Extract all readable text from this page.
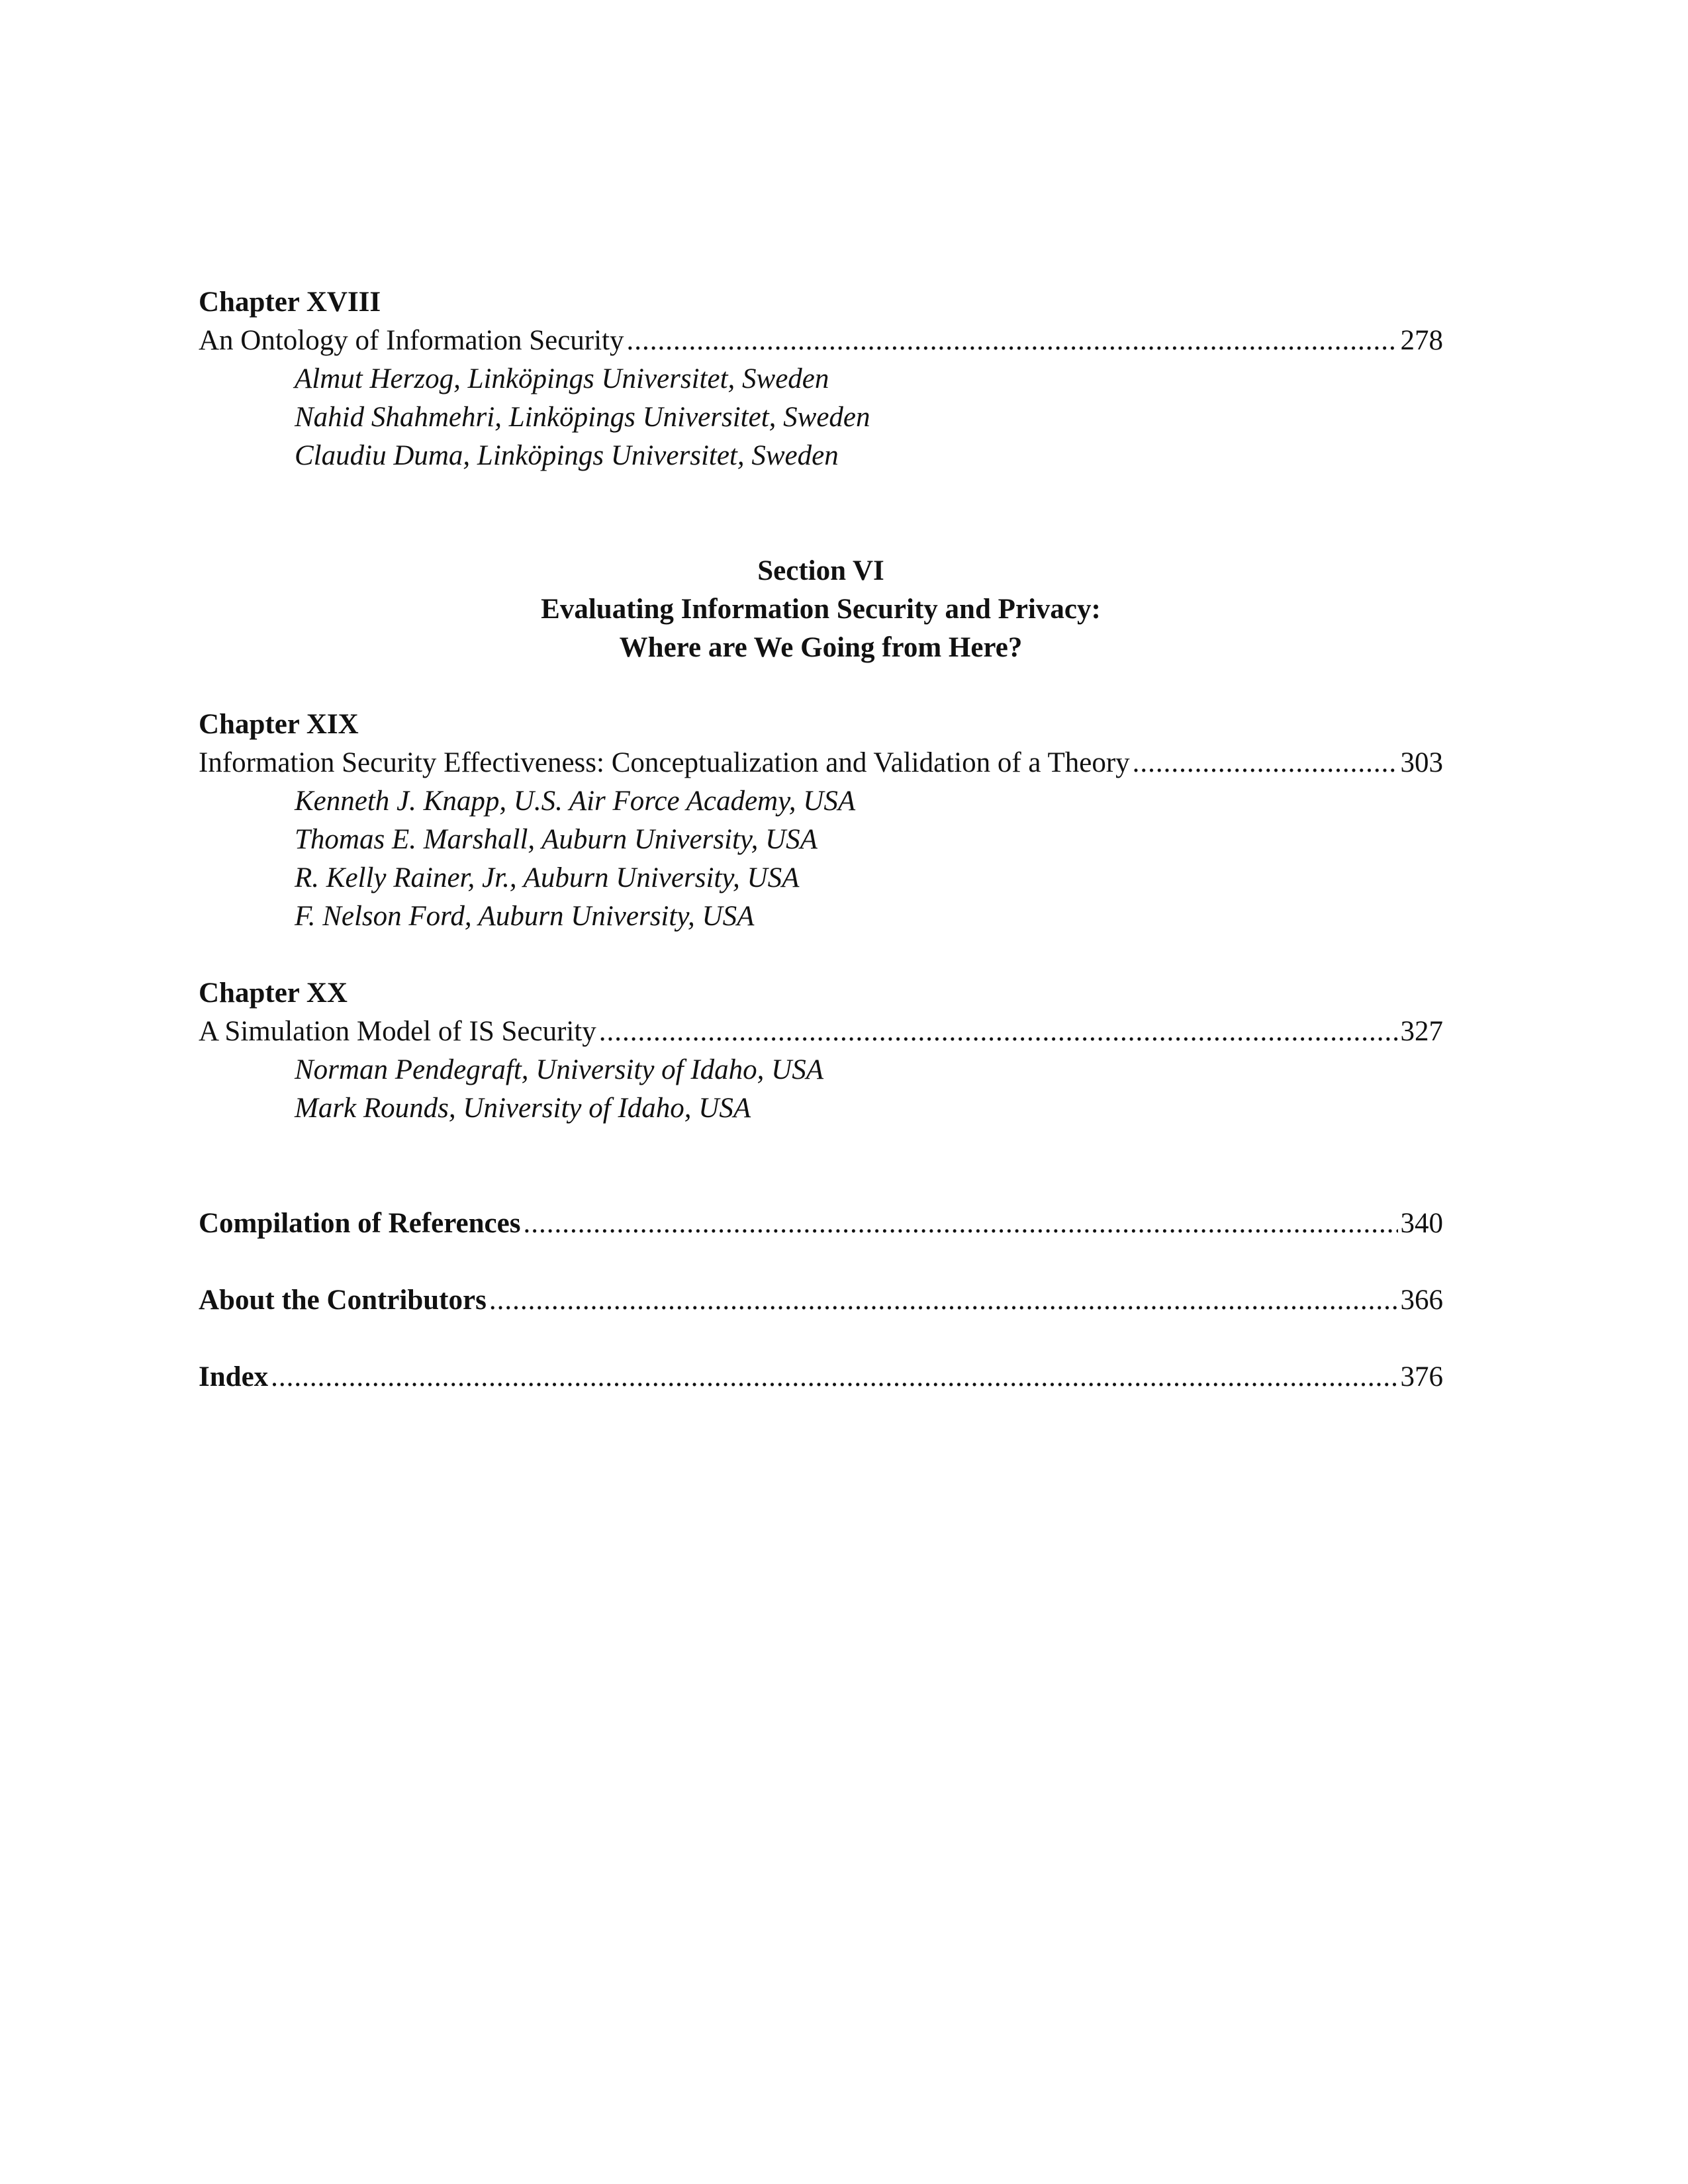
Chapter XVIII
An Ontology of Information Security .....	278
Almut Herzog, Linköpings Universitet, Sweden
Nahid Shahmehri, Linköpings Universitet, Sweden
Claudiu Duma, Linköpings Universitet, Sweden
Section VI
Evaluating Information Security and Privacy:
Where are We Going from Here?
Chapter XIX
Information Security Effectiveness: Conceptualization and Validation of a Theory .....	303
Kenneth J. Knapp, U.S. Air Force Academy, USA
Thomas E. Marshall, Auburn University, USA
R. Kelly Rainer, Jr., Auburn University, USA
F. Nelson Ford, Auburn University, USA
Chapter XX
A Simulation Model of IS Security .....	327
Norman Pendegraft, University of Idaho, USA
Mark Rounds, University of Idaho, USA
Compilation of References .....	340
About the Contributors .....	366
Index .....	376
